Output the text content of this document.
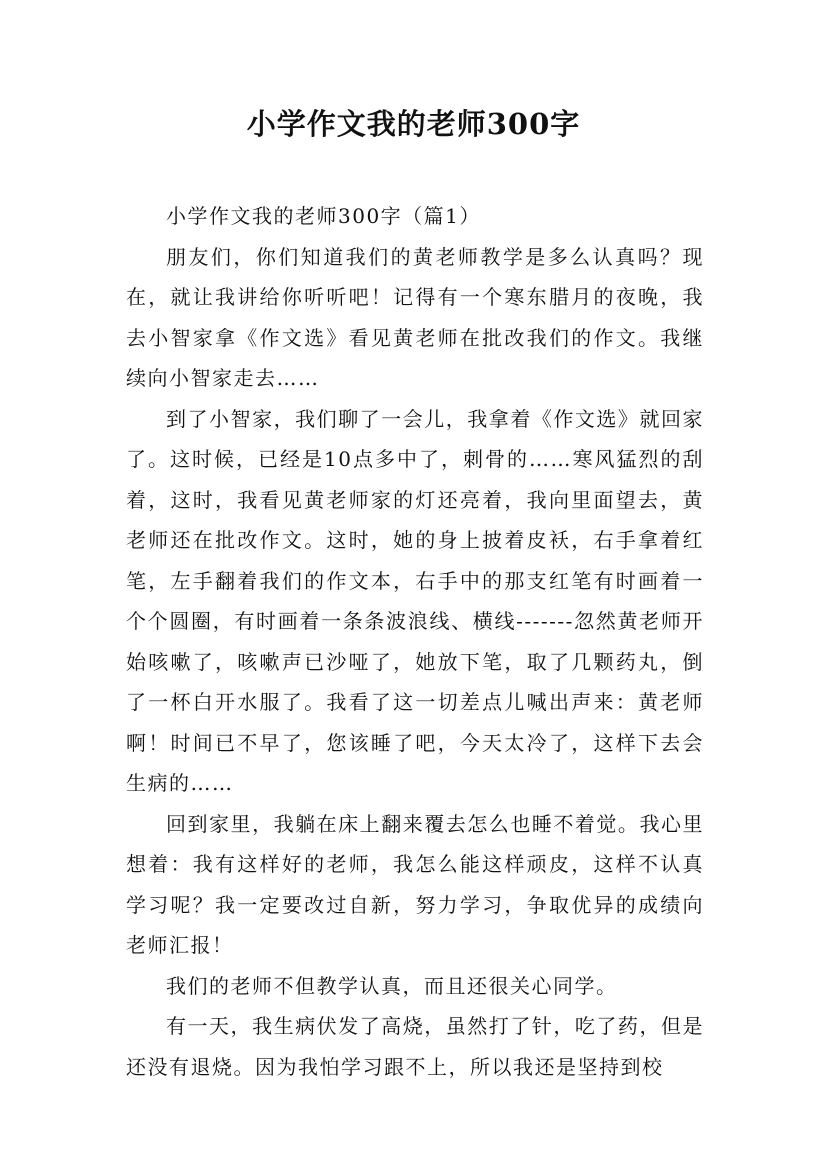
小学作文我的老师300字

小学作文我的老师300字（篇1）

朋友们，你们知道我们的黄老师教学是多么认真吗？现在，就让我讲给你听听吧！记得有一个寒东腊月的夜晚，我去小智家拿《作文选》看见黄老师在批改我们的作文。我继续向小智家走去……

到了小智家，我们聊了一会儿，我拿着《作文选》就回家了。这时候，已经是10点多中了，刺骨的……寒风猛烈的刮着，这时，我看见黄老师家的灯还亮着，我向里面望去，黄老师还在批改作文。这时，她的身上披着皮袄，右手拿着红笔，左手翻着我们的作文本，右手中的那支红笔有时画着一个个圆圈，有时画着一条条波浪线、横线-------忽然黄老师开始咳嗽了，咳嗽声已沙哑了，她放下笔，取了几颗药丸，倒了一杯白开水服了。我看了这一切差点儿喊出声来：黄老师啊！时间已不早了，您该睡了吧，今天太冷了，这样下去会生病的……

回到家里，我躺在床上翻来覆去怎么也睡不着觉。我心里想着：我有这样好的老师，我怎么能这样顽皮，这样不认真学习呢？我一定要改过自新，努力学习，争取优异的成绩向老师汇报！

我们的老师不但教学认真，而且还很关心同学。

有一天，我生病伏发了高烧，虽然打了针，吃了药，但是还没有退烧。因为我怕学习跟不上，所以我还是坚持到校
